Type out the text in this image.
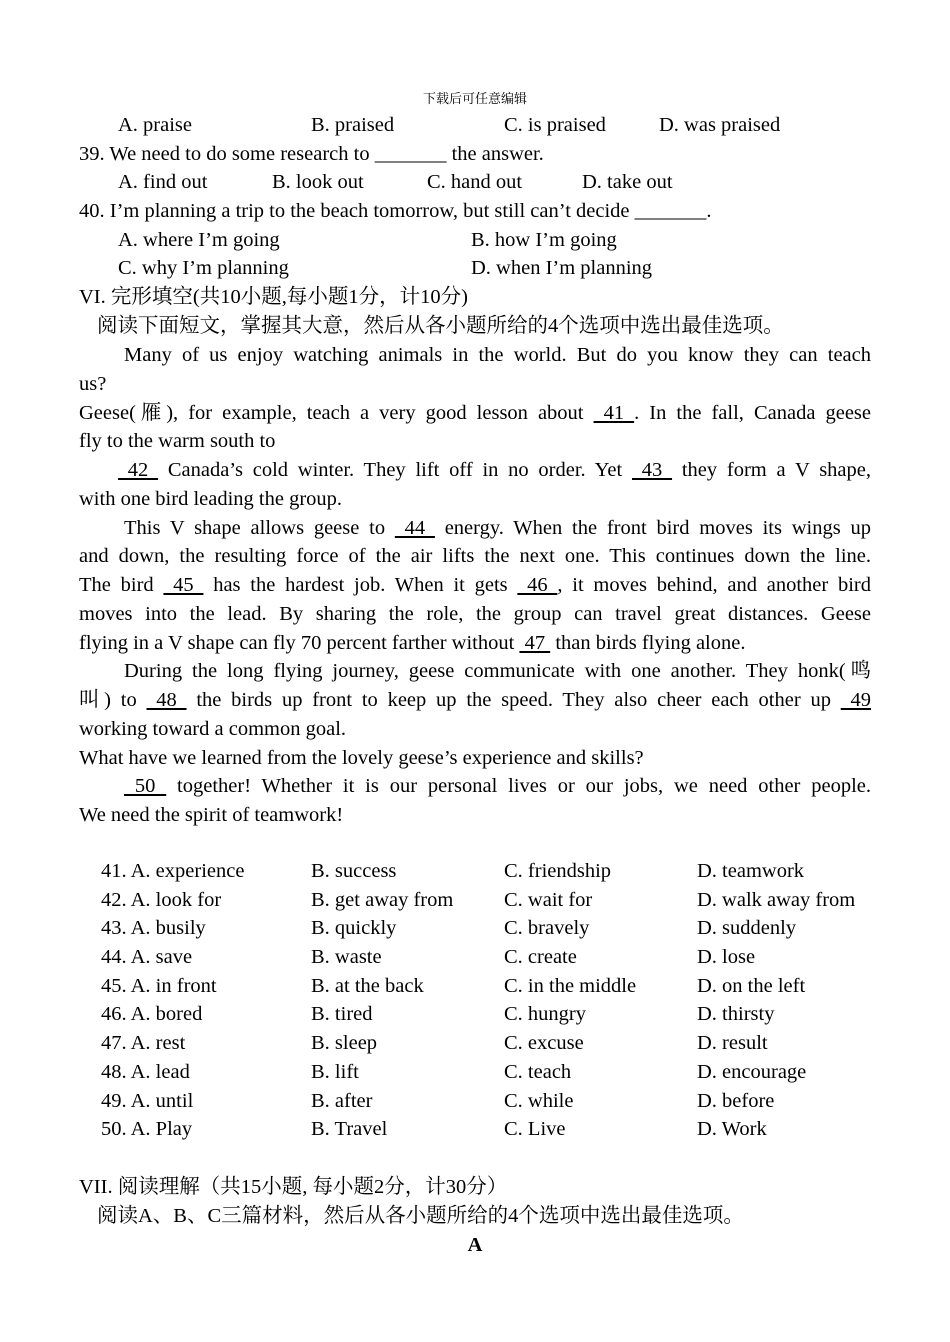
下载后可任意编辑
A. praise	B. praised	C. is praised	D. was praised
39. We need to do some research to _______ the answer.
A. find out	B. look out	C. hand out	D. take out
40. I’m planning a trip to the beach tomorrow, but still can’t decide _______.
A. where I’m going	B. how I’m going
C. why I’m planning	D. when I’m planning
VI. 完形填空(共10小题,每小题1分，计10分)
阅读下面短文，掌握其大意，然后从各小题所给的4个选项中选出最佳选项。
Many of us enjoy watching animals in the world. But do you know they can teach
us?
Geese(雁), for example, teach a very good lesson about  41 . In the fall, Canada geese
fly to the warm south to
42  Canada’s cold winter. They lift off in no order. Yet  43  they form a V shape,
with one bird leading the group.
This V shape allows geese to  44  energy. When the front bird moves its wings up
and down, the resulting force of the air lifts the next one. This continues down the line.
The bird  45  has the hardest job. When it gets  46 , it moves behind, and another bird
moves into the lead. By sharing the role, the group can travel great distances. Geese
flying in a V shape can fly 70 percent farther without  47  than birds flying alone.
During the long flying journey, geese communicate with one another. They honk(鸣
叫) to  48  the birds up front to keep up the speed. They also cheer each other up  49
working toward a common goal.
What have we learned from the lovely geese’s experience and skills?
50  together! Whether it is our personal lives or our jobs, we need other people.
We need the spirit of teamwork!
41. A. experience	B. success	C. friendship	D. teamwork
42. A. look for	B. get away from C. wait for	D. walk away from
43. A. busily	B. quickly	C. bravely	D. suddenly
44. A. save	B. waste	C. create	D. lose
45. A. in front	B. at the back	C. in the middle	D. on the left
46. A. bored	B. tired	C. hungry	D. thirsty
47. A. rest	B. sleep	C. excuse	D. result
48. A. lead	B. lift	C. teach	D. encourage
49. A. until	B. after	C. while	D. before
50. A. Play	B. Travel	C. Live	D. Work
VII. 阅读理解（共15小题, 每小题2分，计30分）
阅读A、B、C三篇材料，然后从各小题所给的4个选项中选出最佳选项。
A
